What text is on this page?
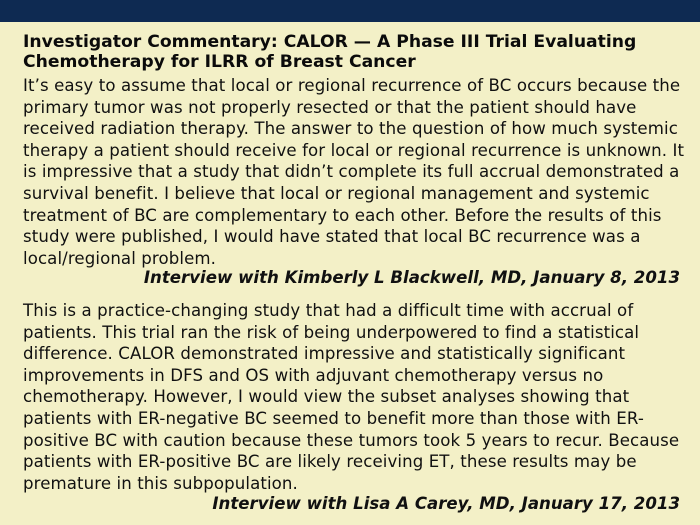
Investigator Commentary: CALOR — A Phase III Trial Evaluating Chemotherapy for ILRR of Breast Cancer

It’s easy to assume that local or regional recurrence of BC occurs because the primary tumor was not properly resected or that the patient should have received radiation therapy. The answer to the question of how much systemic therapy a patient should receive for local or regional recurrence is unknown. It is impressive that a study that didn’t complete its full accrual demonstrated a survival benefit. I believe that local or regional management and systemic treatment of BC are complementary to each other. Before the results of this study were published, I would have stated that local BC recurrence was a local/regional problem.

Interview with Kimberly L Blackwell, MD, January 8, 2013

This is a practice-changing study that had a difficult time with accrual of patients. This trial ran the risk of being underpowered to find a statistical difference. CALOR demonstrated impressive and statistically significant improvements in DFS and OS with adjuvant chemotherapy versus no chemotherapy. However, I would view the subset analyses showing that patients with ER-negative BC seemed to benefit more than those with ER-positive BC with caution because these tumors took 5 years to recur. Because patients with ER-positive BC are likely receiving ET, these results may be premature in this subpopulation.

Interview with Lisa A Carey, MD, January 17, 2013
